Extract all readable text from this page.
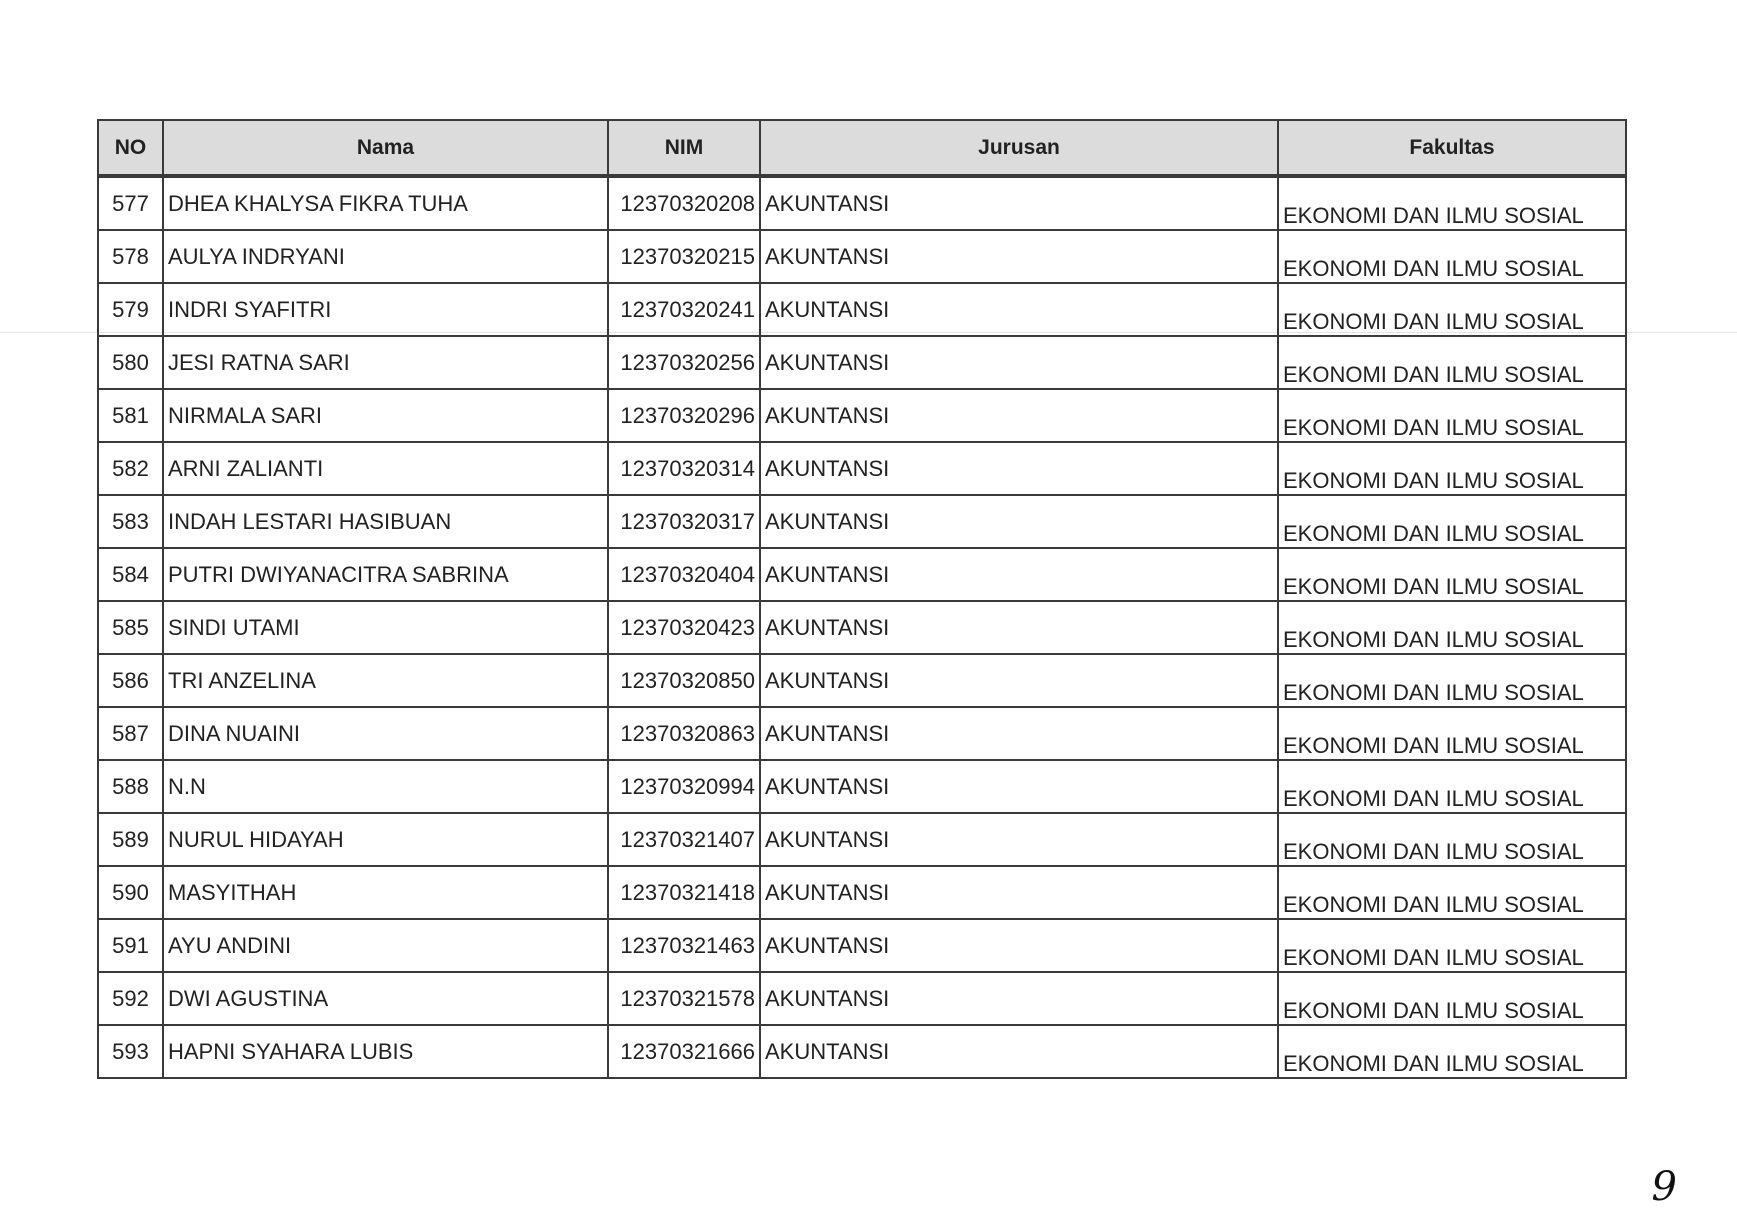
NO	Nama	NIM	Jurusan	Fakultas
577	DHEA KHALYSA FIKRA TUHA	12370320208	AKUNTANSI	EKONOMI DAN ILMU SOSIAL
578	AULYA INDRYANI	12370320215	AKUNTANSI	EKONOMI DAN ILMU SOSIAL
579	INDRI SYAFITRI	12370320241	AKUNTANSI	EKONOMI DAN ILMU SOSIAL
580	JESI RATNA SARI	12370320256	AKUNTANSI	EKONOMI DAN ILMU SOSIAL
581	NIRMALA SARI	12370320296	AKUNTANSI	EKONOMI DAN ILMU SOSIAL
582	ARNI ZALIANTI	12370320314	AKUNTANSI	EKONOMI DAN ILMU SOSIAL
583	INDAH LESTARI HASIBUAN	12370320317	AKUNTANSI	EKONOMI DAN ILMU SOSIAL
584	PUTRI DWIYANACITRA SABRINA	12370320404	AKUNTANSI	EKONOMI DAN ILMU SOSIAL
585	SINDI UTAMI	12370320423	AKUNTANSI	EKONOMI DAN ILMU SOSIAL
586	TRI ANZELINA	12370320850	AKUNTANSI	EKONOMI DAN ILMU SOSIAL
587	DINA NUAINI	12370320863	AKUNTANSI	EKONOMI DAN ILMU SOSIAL
588	N.N	12370320994	AKUNTANSI	EKONOMI DAN ILMU SOSIAL
589	NURUL HIDAYAH	12370321407	AKUNTANSI	EKONOMI DAN ILMU SOSIAL
590	MASYITHAH	12370321418	AKUNTANSI	EKONOMI DAN ILMU SOSIAL
591	AYU ANDINI	12370321463	AKUNTANSI	EKONOMI DAN ILMU SOSIAL
592	DWI AGUSTINA	12370321578	AKUNTANSI	EKONOMI DAN ILMU SOSIAL
593	HAPNI SYAHARA LUBIS	12370321666	AKUNTANSI	EKONOMI DAN ILMU SOSIAL
9
